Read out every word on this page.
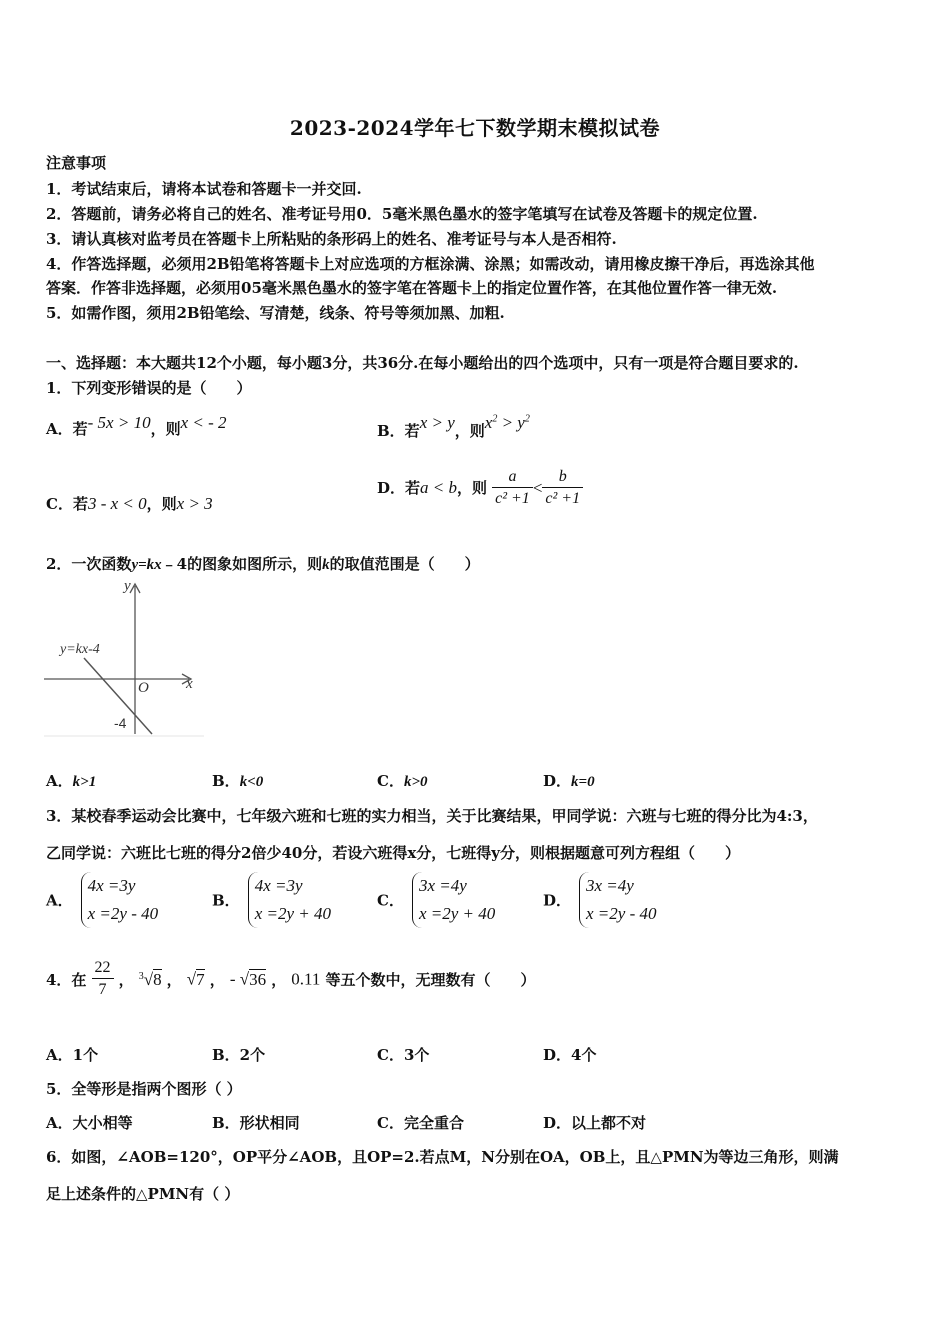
2023-2024学年七下数学期末模拟试卷
注意事项
1．考试结束后，请将本试卷和答题卡一并交回.
2．答题前，请务必将自己的姓名、准考证号用0．5毫米黑色墨水的签字笔填写在试卷及答题卡的规定位置.
3．请认真核对监考员在答题卡上所粘贴的条形码上的姓名、准考证号与本人是否相符.
4．作答选择题，必须用2B铅笔将答题卡上对应选项的方框涂满、涂黑；如需改动，请用橡皮擦干净后，再选涂其他
答案．作答非选择题，必须用05毫米黑色墨水的签字笔在答题卡上的指定位置作答，在其他位置作答一律无效.
5．如需作图，须用2B铅笔绘、写清楚，线条、符号等须加黑、加粗.
一、选择题：本大题共12个小题，每小题3分，共36分.在每小题给出的四个选项中，只有一项是符合题目要求的.
1．下列变形错误的是（　　）
A．若- 5x > 10，则x < - 2	B．若x > y，则$x^2 > y^2$
C．若3 - x < 0，则x > 3
D．若a < b，则 $\frac{a}{\text{c² +1}} < \frac{b}{\text{c² +1}}$
2．一次函数y=kx﹣4的图象如图所示，则k的取值范围是（　　）
y
x
O
y=kx-4
-4
A．k>1	B．k<0	C．k>0	D．k=0
3．某校春季运动会比赛中，七年级六班和七班的实力相当，关于比赛结果，甲同学说：六班与七班的得分比为4:3，
乙同学说：六班比七班的得分2倍少40分，若设六班得x分，七班得y分，则根据题意可列方程组（　　）
A．
4x =3y
x =2y - 40
B．
4x =3y
x =2y + 40
C．
3x =4y
x =2y + 40
D．
3x =4y
x =2y - 40
4．在 $\frac{22}{7}$ ， $^3$√8 ， √7 ， - √36 ， 0.11 等五个数中，无理数有（　　）
A．1个	B．2个	C．3个	D．4个
5．全等形是指两个图形（ ）
A．大小相等	B．形状相同	C．完全重合	D．以上都不对
6．如图，∠AOB=120°，OP平分∠AOB，且OP=2.若点M，N分别在OA，OB上，且△PMN为等边三角形，则满
足上述条件的△PMN有（ ）
